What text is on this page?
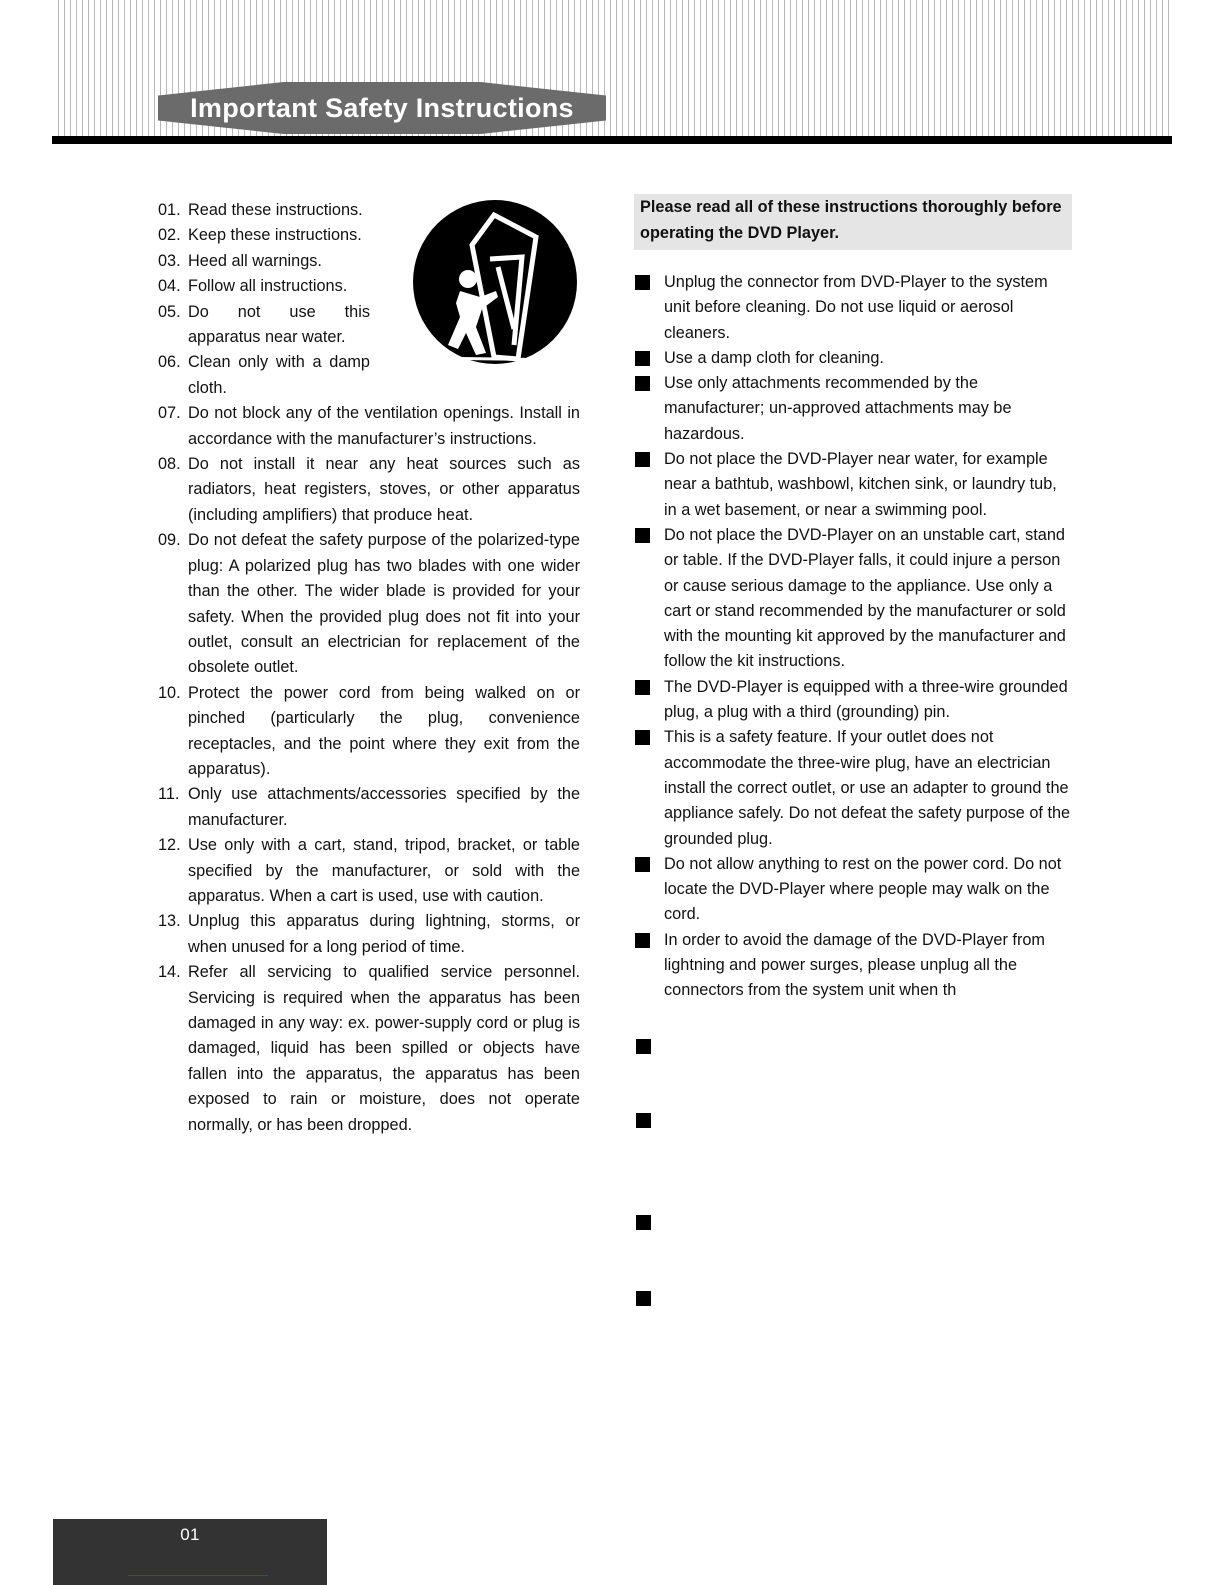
Important Safety Instructions
01. Read these instructions.
02. Keep these instructions.
03. Heed all warnings.
04. Follow all instructions.
05. Do not use this apparatus near water.
06. Clean only with a damp cloth.
07. Do not block any of the ventilation openings. Install in accordance with the manufacturer’s instructions.
08. Do not install it near any heat sources such as radiators, heat registers, stoves, or other apparatus (including amplifiers) that produce heat.
09. Do not defeat the safety purpose of the polarized-type plug: A polarized plug has two blades with one wider than the other. The wider blade is provided for your safety. When the provided plug does not fit into your outlet, consult an electrician for replacement of the obsolete outlet.
10. Protect the power cord from being walked on or pinched (particularly the plug, convenience receptacles, and the point where they exit from the apparatus).
11. Only use attachments/accessories specified by the manufacturer.
12. Use only with a cart, stand, tripod, bracket, or table specified by the manufacturer, or sold with the apparatus. When a cart is used, use with caution.
13. Unplug this apparatus during lightning, storms, or when unused for a long period of time.
14. Refer all servicing to qualified service personnel. Servicing is required when the apparatus has been damaged in any way: ex. power-supply cord or plug is damaged, liquid has been spilled or objects have fallen into the apparatus, the apparatus has been exposed to rain or moisture, does not operate normally, or has been dropped.
Please read all of these instructions thoroughly before operating the DVD Player.
Unplug the connector from DVD-Player to the system unit before cleaning. Do not use liquid or aerosol cleaners.
Use a damp cloth for cleaning.
Use only attachments recommended by the manufacturer; un-approved attachments may be hazardous.
Do not place the DVD-Player near water, for example near a bathtub, washbowl, kitchen sink, or laundry tub, in a wet basement, or near a swimming pool.
Do not place the DVD-Player on an unstable cart, stand or table. If the DVD-Player falls, it could injure a person or cause serious damage to the appliance. Use only a cart or stand recommended by the manufacturer or sold with the mounting kit approved by the manufacturer and follow the kit instructions.
The DVD-Player is equipped with a three-wire grounded plug, a plug with a third (grounding) pin.
This is a safety feature. If your outlet does not accommodate the three-wire plug, have an electrician install the correct outlet, or use an adapter to ground the appliance safely. Do not defeat the safety purpose of the grounded plug.
Do not allow anything to rest on the power cord. Do not locate the DVD-Player where people may walk on the cord.
In order to avoid the damage of the DVD-Player from lightning and power surges, please unplug all the connectors from the system unit when th
01
